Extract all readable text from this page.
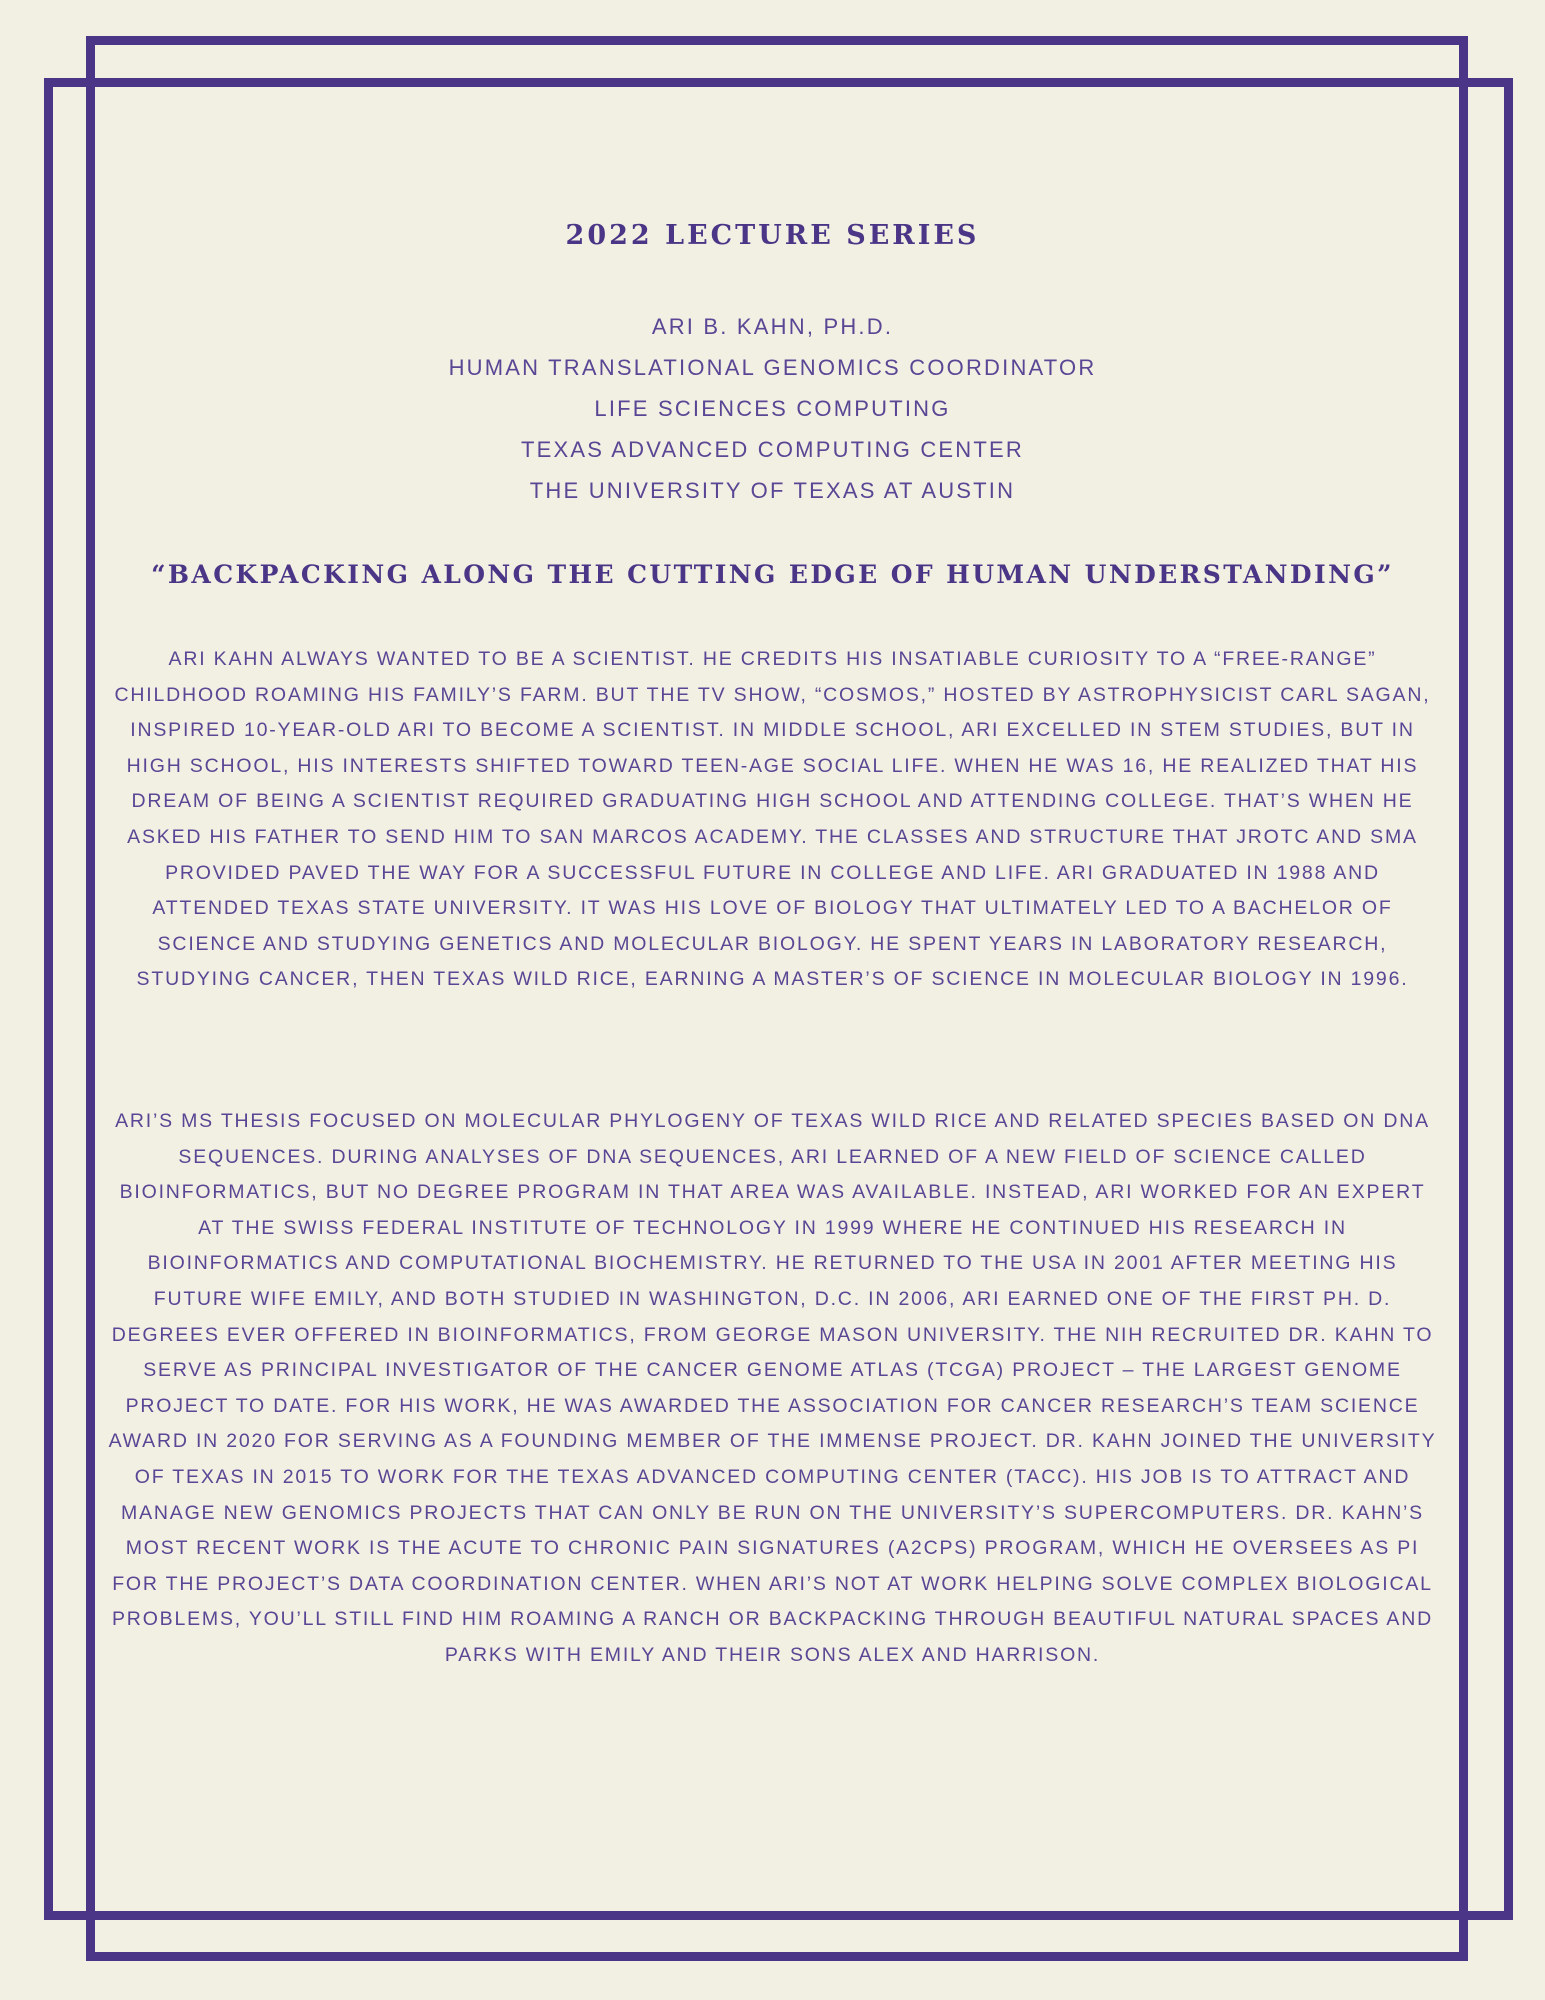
2022 LECTURE SERIES
ARI B. KAHN, PH.D.
HUMAN TRANSLATIONAL GENOMICS COORDINATOR
LIFE SCIENCES COMPUTING
TEXAS ADVANCED COMPUTING CENTER
THE UNIVERSITY OF TEXAS AT AUSTIN
“BACKPACKING ALONG THE CUTTING EDGE OF HUMAN UNDERSTANDING”

ARI KAHN ALWAYS WANTED TO BE A SCIENTIST. HE CREDITS HIS INSATIABLE CURIOSITY TO A “FREE-RANGE” CHILDHOOD ROAMING HIS FAMILY’S FARM. BUT THE TV SHOW, “COSMOS,” HOSTED BY ASTROPHYSICIST CARL SAGAN, INSPIRED 10-YEAR-OLD ARI TO BECOME A SCIENTIST. IN MIDDLE SCHOOL, ARI EXCELLED IN STEM STUDIES, BUT IN HIGH SCHOOL, HIS INTERESTS SHIFTED TOWARD TEEN-AGE SOCIAL LIFE. WHEN HE WAS 16, HE REALIZED THAT HIS DREAM OF BEING A SCIENTIST REQUIRED GRADUATING HIGH SCHOOL AND ATTENDING COLLEGE. THAT’S WHEN HE ASKED HIS FATHER TO SEND HIM TO SAN MARCOS ACADEMY. THE CLASSES AND STRUCTURE THAT JROTC AND SMA PROVIDED PAVED THE WAY FOR A SUCCESSFUL FUTURE IN COLLEGE AND LIFE. ARI GRADUATED IN 1988 AND ATTENDED TEXAS STATE UNIVERSITY. IT WAS HIS LOVE OF BIOLOGY THAT ULTIMATELY LED TO A BACHELOR OF SCIENCE AND STUDYING GENETICS AND MOLECULAR BIOLOGY. HE SPENT YEARS IN LABORATORY RESEARCH, STUDYING CANCER, THEN TEXAS WILD RICE, EARNING A MASTER’S OF SCIENCE IN MOLECULAR BIOLOGY IN 1996.

ARI’S MS THESIS FOCUSED ON MOLECULAR PHYLOGENY OF TEXAS WILD RICE AND RELATED SPECIES BASED ON DNA SEQUENCES. DURING ANALYSES OF DNA SEQUENCES, ARI LEARNED OF A NEW FIELD OF SCIENCE CALLED BIOINFORMATICS, BUT NO DEGREE PROGRAM IN THAT AREA WAS AVAILABLE. INSTEAD, ARI WORKED FOR AN EXPERT AT THE SWISS FEDERAL INSTITUTE OF TECHNOLOGY IN 1999 WHERE HE CONTINUED HIS RESEARCH IN BIOINFORMATICS AND COMPUTATIONAL BIOCHEMISTRY. HE RETURNED TO THE USA IN 2001 AFTER MEETING HIS FUTURE WIFE EMILY, AND BOTH STUDIED IN WASHINGTON, D.C. IN 2006, ARI EARNED ONE OF THE FIRST PH. D. DEGREES EVER OFFERED IN BIOINFORMATICS, FROM GEORGE MASON UNIVERSITY. THE NIH RECRUITED DR. KAHN TO SERVE AS PRINCIPAL INVESTIGATOR OF THE CANCER GENOME ATLAS (TCGA) PROJECT – THE LARGEST GENOME PROJECT TO DATE. FOR HIS WORK, HE WAS AWARDED THE ASSOCIATION FOR CANCER RESEARCH’S TEAM SCIENCE AWARD IN 2020 FOR SERVING AS A FOUNDING MEMBER OF THE IMMENSE PROJECT. DR. KAHN JOINED THE UNIVERSITY OF TEXAS IN 2015 TO WORK FOR THE TEXAS ADVANCED COMPUTING CENTER (TACC). HIS JOB IS TO ATTRACT AND MANAGE NEW GENOMICS PROJECTS THAT CAN ONLY BE RUN ON THE UNIVERSITY’S SUPERCOMPUTERS. DR. KAHN’S MOST RECENT WORK IS THE ACUTE TO CHRONIC PAIN SIGNATURES (A2CPS) PROGRAM, WHICH HE OVERSEES AS PI FOR THE PROJECT’S DATA COORDINATION CENTER. WHEN ARI’S NOT AT WORK HELPING SOLVE COMPLEX BIOLOGICAL PROBLEMS, YOU’LL STILL FIND HIM ROAMING A RANCH OR BACKPACKING THROUGH BEAUTIFUL NATURAL SPACES AND PARKS WITH EMILY AND THEIR SONS ALEX AND HARRISON.
